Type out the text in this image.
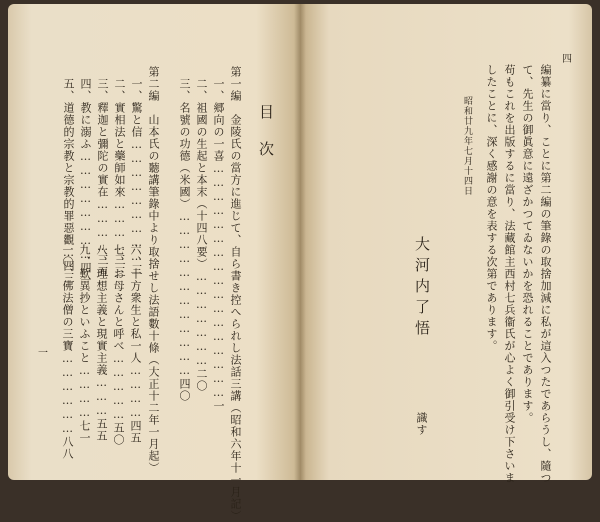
目次
第一編　金陵氏の當方に進じて、自ら書き控へられし法話三講（昭和六年十一月記）
一、郷向の一喜……………………………………………一
二、祖國の生起と本末（十四八要）…………………二〇
三、名號の功德（米國）………………………………四〇
第二編　山本氏の聽講筆錄中より取捨せし法語數十條（大正十二年一月起）
一、驚と信………………………三
二、實相法と藥師如來…………三三
三、釋迦と彌陀の實在…………三五
四、教に溺ふ……………………四一
五、道德的宗教と宗教的罪惡觀…四三
六、十方衆生と私一人…………四五
七、お母さんと呼べ……………五〇
八、理想主義と現實主義………五五
九、歎異抄といふこと…………七一
一〇、佛法僧の三寶………………八八
一
四
編纂に當り、ことに第二編の筆錄の取捨加減に私が這入つたであらうし、隨つ
て、先生の御眞意に遠ざかつてゐないかを恐れることであります。
苟もこれを出版するに當り、法藏館主西村七兵衞氏が心よく御引受け下さいま
したことに、深く感謝の意を表する次第であります。
昭和廿九年七月十四日
大河内了悟
識す
